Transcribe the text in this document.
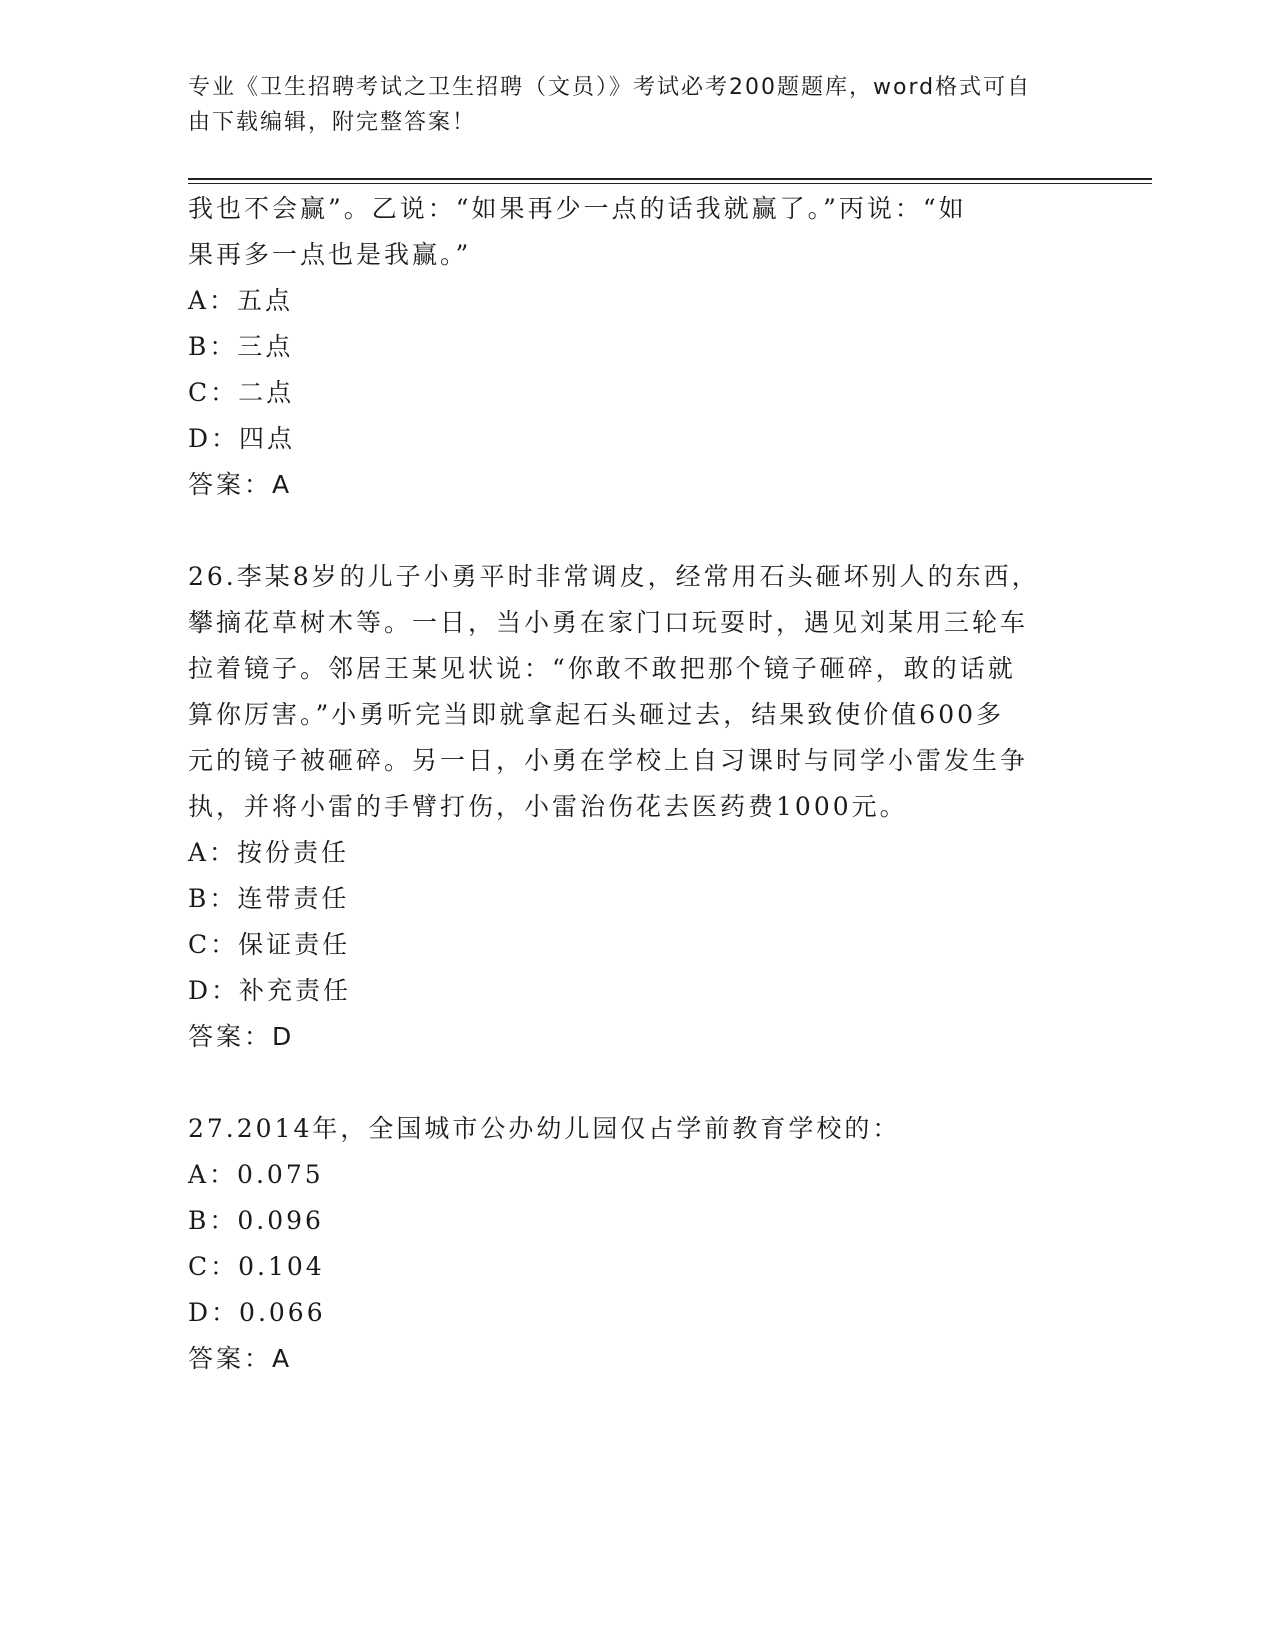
专业《卫生招聘考试之卫生招聘（文员）》考试必考200题题库，word格式可自
由下载编辑，附完整答案！

我也不会赢”。乙说：“如果再少一点的话我就赢了。”丙说：“如

果再多一点也是我赢。”

A：五点

B：三点

C：二点

D：四点

答案：A

26.李某8岁的儿子小勇平时非常调皮，经常用石头砸坏别人的东西，

攀摘花草树木等。一日，当小勇在家门口玩耍时，遇见刘某用三轮车

拉着镜子。邻居王某见状说：“你敢不敢把那个镜子砸碎，敢的话就

算你厉害。”小勇听完当即就拿起石头砸过去，结果致使价值600多

元的镜子被砸碎。另一日，小勇在学校上自习课时与同学小雷发生争

执，并将小雷的手臂打伤，小雷治伤花去医药费1000元。

A：按份责任

B：连带责任

C：保证责任

D：补充责任

答案：D

27.2014年，全国城市公办幼儿园仅占学前教育学校的：

A：0.075

B：0.096

C：0.104

D：0.066

答案：A
